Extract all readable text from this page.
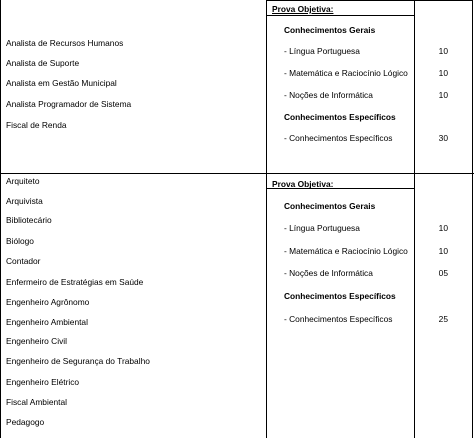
Analista de Recursos Humanos
Analista de Suporte
Analista em Gestão Municipal
Analista Programador de Sistema
Fiscal de Renda
Prova Objetiva:
Conhecimentos Gerais
- Língua Portuguesa	10
- Matemática e Raciocínio Lógico	10
- Noções de Informática	10
Conhecimentos Específicos
- Conhecimentos Específicos	30
Arquiteto
Arquivista
Bibliotecário
Biólogo
Contador
Enfermeiro de Estratégias em Saúde
Engenheiro Agrônomo
Engenheiro Ambiental
Engenheiro Civil
Engenheiro de Segurança do Trabalho
Engenheiro Elétrico
Fiscal Ambiental
Pedagogo
Prova Objetiva:
Conhecimentos Gerais
- Língua Portuguesa	10
- Matemática e Raciocínio Lógico	10
- Noções de Informática	05
Conhecimentos Específicos
- Conhecimentos Específicos	25
